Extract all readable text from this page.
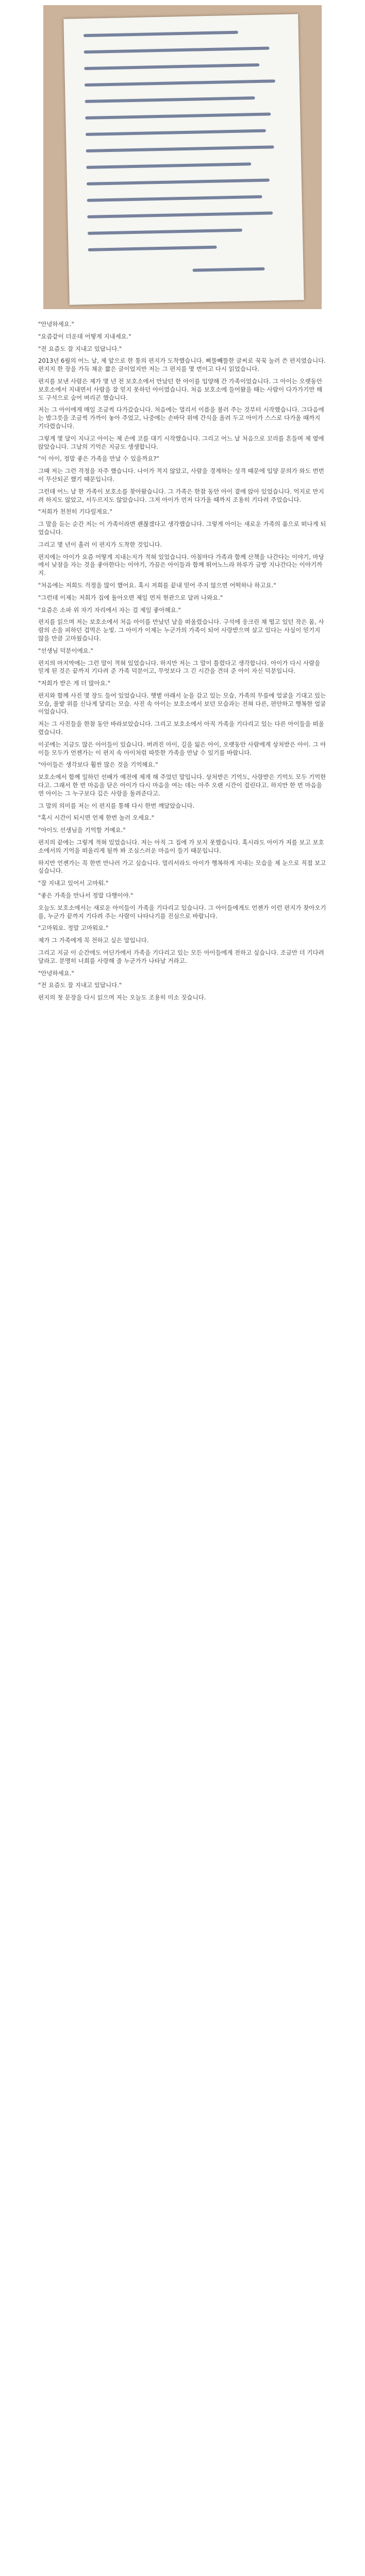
"안녕하세요."

"요즘같이 더운데 어떻게 지내세요."

"전 요즘도 잘 지내고 있답니다."

2013년 6월의 어느 날, 제 앞으로 한 통의 편지가 도착했습니다. 삐뚤빼뚤한 글씨로 꾹꾹 눌러 쓴 편지였습니다. 편지지 한 장을 가득 채운 짧은 글이었지만 저는 그 편지를 몇 번이고 다시 읽었습니다.

편지를 보낸 사람은 제가 몇 년 전 보호소에서 만났던 한 아이를 입양해 간 가족이었습니다. 그 아이는 오랫동안 보호소에서 지내면서 사람을 잘 믿지 못하던 아이였습니다. 처음 보호소에 들어왔을 때는 사람이 다가가기만 해도 구석으로 숨어 버리곤 했습니다.

저는 그 아이에게 매일 조금씩 다가갔습니다. 처음에는 멀리서 이름을 불러 주는 것부터 시작했습니다. 그다음에는 밥그릇을 조금씩 가까이 놓아 주었고, 나중에는 손바닥 위에 간식을 올려 두고 아이가 스스로 다가올 때까지 기다렸습니다.

그렇게 몇 달이 지나고 아이는 제 손에 코를 대기 시작했습니다. 그리고 어느 날 처음으로 꼬리를 흔들며 제 옆에 앉았습니다. 그날의 기억은 지금도 생생합니다.

"이 아이, 정말 좋은 가족을 만날 수 있을까요?"

그때 저는 그런 걱정을 자주 했습니다. 나이가 적지 않았고, 사람을 경계하는 성격 때문에 입양 문의가 와도 번번이 무산되곤 했기 때문입니다.

그런데 어느 날 한 가족이 보호소를 찾아왔습니다. 그 가족은 한참 동안 아이 곁에 앉아 있었습니다. 억지로 만지려 하지도 않았고, 서두르지도 않았습니다. 그저 아이가 먼저 다가올 때까지 조용히 기다려 주었습니다.

"저희가 천천히 기다릴게요."

그 말을 듣는 순간 저는 이 가족이라면 괜찮겠다고 생각했습니다. 그렇게 아이는 새로운 가족의 품으로 떠나게 되었습니다.

그리고 몇 년이 흘러 이 편지가 도착한 것입니다.

편지에는 아이가 요즘 어떻게 지내는지가 적혀 있었습니다. 아침마다 가족과 함께 산책을 나간다는 이야기, 마당에서 낮잠을 자는 것을 좋아한다는 이야기, 가끔은 아이들과 함께 뛰어노느라 하루가 금방 지나간다는 이야기까지.

"처음에는 저희도 걱정을 많이 했어요. 혹시 저희를 끝내 믿어 주지 않으면 어떡하나 하고요."

"그런데 이제는 저희가 집에 돌아오면 제일 먼저 현관으로 달려 나와요."

"요즘은 소파 위 자기 자리에서 자는 걸 제일 좋아해요."

편지를 읽으며 저는 보호소에서 처음 아이를 만났던 날을 떠올렸습니다. 구석에 웅크린 채 떨고 있던 작은 몸, 사람의 손을 피하던 겁먹은 눈빛. 그 아이가 이제는 누군가의 가족이 되어 사랑받으며 살고 있다는 사실이 믿기지 않을 만큼 고마웠습니다.

"선생님 덕분이에요."

편지의 마지막에는 그런 말이 적혀 있었습니다. 하지만 저는 그 말이 틀렸다고 생각합니다. 아이가 다시 사람을 믿게 된 것은 끝까지 기다려 준 가족 덕분이고, 무엇보다 그 긴 시간을 견뎌 준 아이 자신 덕분입니다.

"저희가 받은 게 더 많아요."

편지와 함께 사진 몇 장도 들어 있었습니다. 햇볕 아래서 눈을 감고 있는 모습, 가족의 무릎에 얼굴을 기대고 있는 모습, 풀밭 위를 신나게 달리는 모습. 사진 속 아이는 보호소에서 보던 모습과는 전혀 다른, 편안하고 행복한 얼굴이었습니다.

저는 그 사진들을 한참 동안 바라보았습니다. 그리고 보호소에서 아직 가족을 기다리고 있는 다른 아이들을 떠올렸습니다.

이곳에는 지금도 많은 아이들이 있습니다. 버려진 아이, 길을 잃은 아이, 오랫동안 사람에게 상처받은 아이. 그 아이들 모두가 언젠가는 이 편지 속 아이처럼 따뜻한 가족을 만날 수 있기를 바랍니다.

"아이들은 생각보다 훨씬 많은 것을 기억해요."

보호소에서 함께 일하던 선배가 예전에 제게 해 주었던 말입니다. 상처받은 기억도, 사랑받은 기억도 모두 기억한다고. 그래서 한 번 마음을 닫은 아이가 다시 마음을 여는 데는 아주 오랜 시간이 걸린다고. 하지만 한 번 마음을 연 아이는 그 누구보다 깊은 사랑을 돌려준다고.

그 말의 의미를 저는 이 편지를 통해 다시 한번 깨달았습니다.

"혹시 시간이 되시면 언제 한번 놀러 오세요."

"아이도 선생님을 기억할 거예요."

편지의 끝에는 그렇게 적혀 있었습니다. 저는 아직 그 집에 가 보지 못했습니다. 혹시라도 아이가 저를 보고 보호소에서의 기억을 떠올리게 될까 봐 조심스러운 마음이 들기 때문입니다.

하지만 언젠가는 꼭 한번 만나러 가고 싶습니다. 멀리서라도 아이가 행복하게 지내는 모습을 제 눈으로 직접 보고 싶습니다.

"잘 지내고 있어서 고마워."

"좋은 가족을 만나서 정말 다행이야."

오늘도 보호소에서는 새로운 아이들이 가족을 기다리고 있습니다. 그 아이들에게도 언젠가 이런 편지가 찾아오기를, 누군가 끝까지 기다려 주는 사람이 나타나기를 진심으로 바랍니다.

"고마워요. 정말 고마워요."

제가 그 가족에게 꼭 전하고 싶은 말입니다.

그리고 지금 이 순간에도 어딘가에서 가족을 기다리고 있는 모든 아이들에게 전하고 싶습니다. 조금만 더 기다려 달라고. 분명히 너희를 사랑해 줄 누군가가 나타날 거라고.

"안녕하세요."

"전 요즘도 잘 지내고 있답니다."

편지의 첫 문장을 다시 읽으며 저는 오늘도 조용히 미소 짓습니다.
